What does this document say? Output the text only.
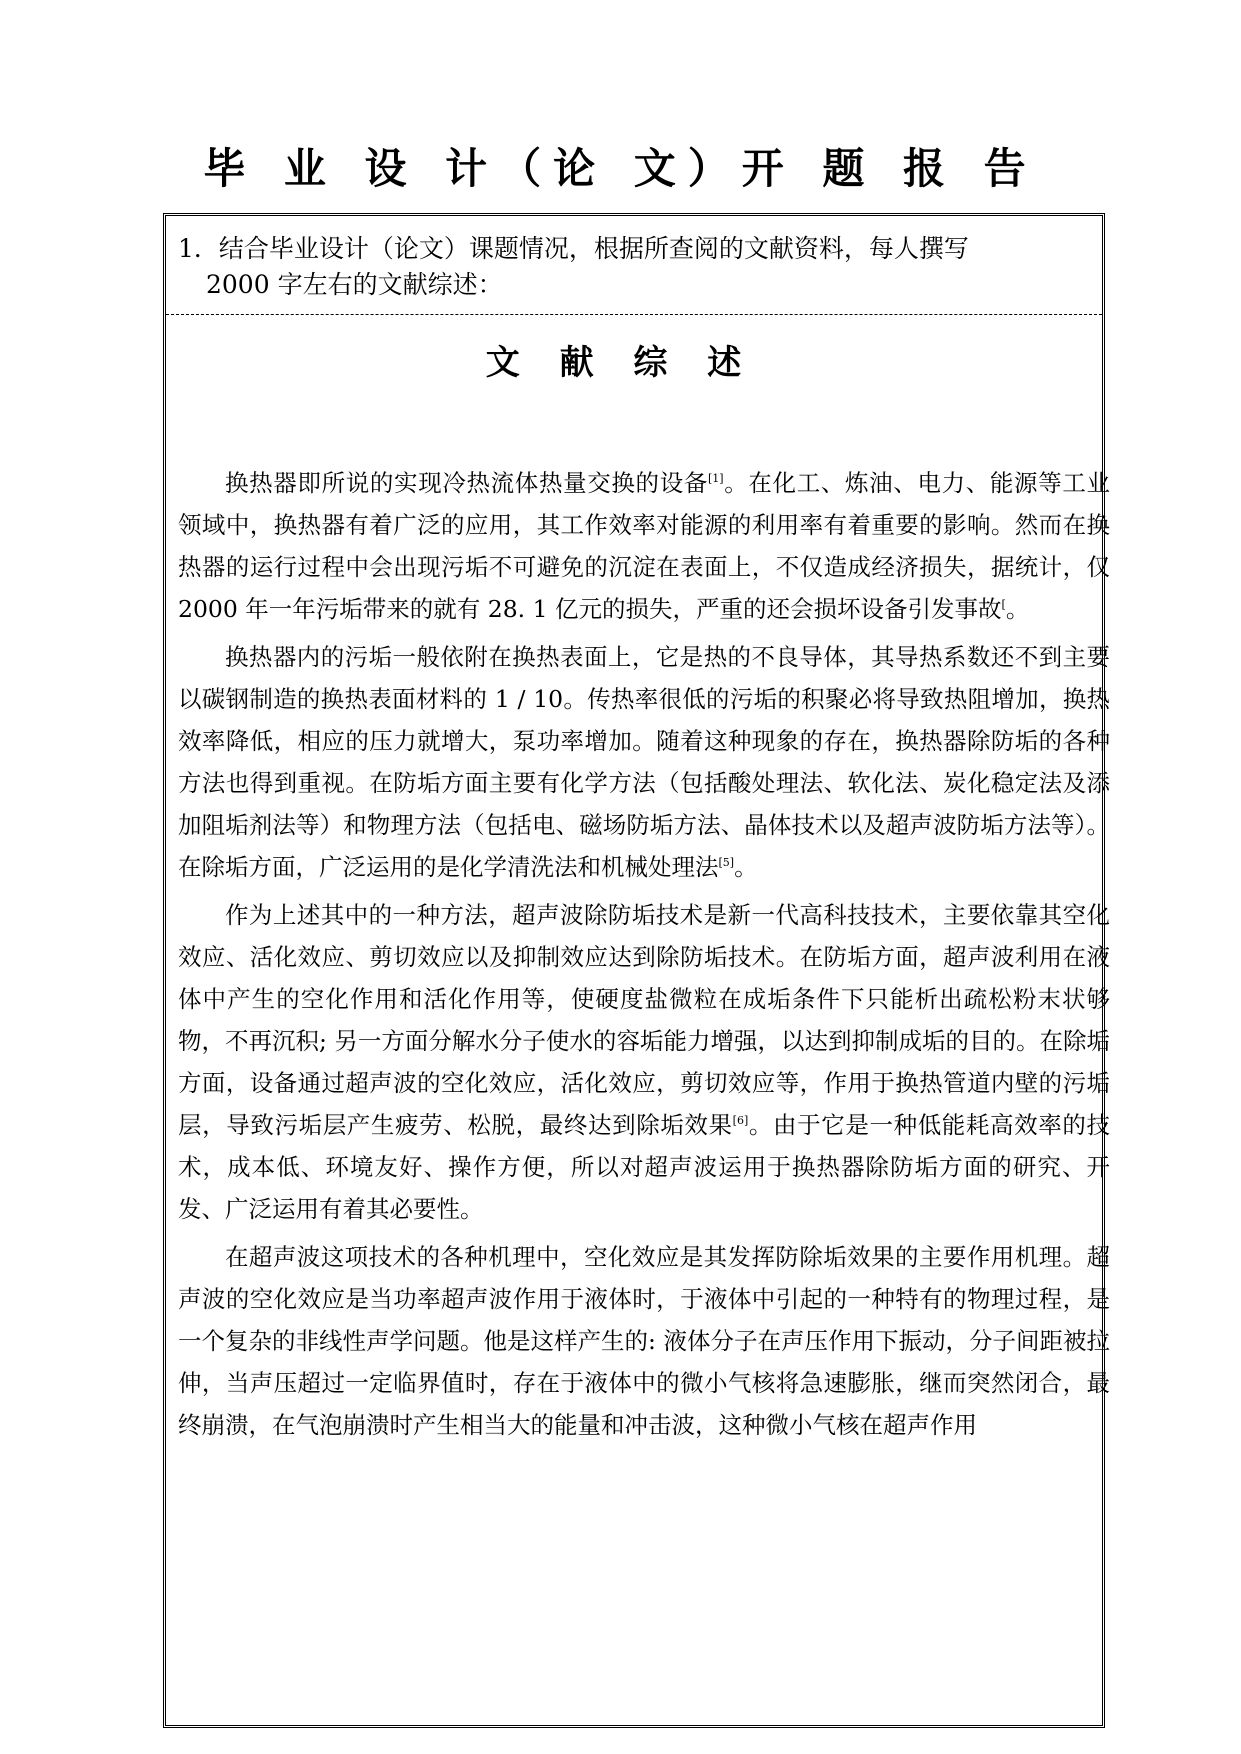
毕 业 设 计（论 文）开 题 报 告
1．结合毕业设计（论文）课题情况，根据所查阅的文献资料，每人撰写
2000 字左右的文献综述：
文 献 综 述

换热器即所说的实现冷热流体热量交换的设备[1]。在化工、炼油、电力、能源等工业领域中，换热器有着广泛的应用，其工作效率对能源的利用率有着重要的影响。然而在换热器的运行过程中会出现污垢不可避免的沉淀在表面上，不仅造成经济损失，据统计，仅 2000 年一年污垢带来的就有 28. 1 亿元的损失，严重的还会损坏设备引发事故[。

换热器内的污垢一般依附在换热表面上，它是热的不良导体，其导热系数还不到主要以碳钢制造的换热表面材料的 1 / 10。传热率很低的污垢的积聚必将导致热阻增加，换热效率降低，相应的压力就增大，泵功率增加。随着这种现象的存在，换热器除防垢的各种方法也得到重视。在防垢方面主要有化学方法（包括酸处理法、软化法、炭化稳定法及添加阻垢剂法等）和物理方法（包括电、磁场防垢方法、晶体技术以及超声波防垢方法等）。在除垢方面，广泛运用的是化学清洗法和机械处理法[5]。

作为上述其中的一种方法，超声波除防垢技术是新一代高科技技术，主要依靠其空化效应、活化效应、剪切效应以及抑制效应达到除防垢技术。在防垢方面，超声波利用在液体中产生的空化作用和活化作用等，使硬度盐微粒在成垢条件下只能析出疏松粉末状够物，不再沉积; 另一方面分解水分子使水的容垢能力增强，以达到抑制成垢的目的。在除垢方面，设备通过超声波的空化效应，活化效应，剪切效应等，作用于换热管道内壁的污垢层，导致污垢层产生疲劳、松脱，最终达到除垢效果[6]。由于它是一种低能耗高效率的技术，成本低、环境友好、操作方便，所以对超声波运用于换热器除防垢方面的研究、开发、广泛运用有着其必要性。

在超声波这项技术的各种机理中，空化效应是其发挥防除垢效果的主要作用机理。超声波的空化效应是当功率超声波作用于液体时，于液体中引起的一种特有的物理过程，是一个复杂的非线性声学问题。他是这样产生的: 液体分子在声压作用下振动，分子间距被拉伸，当声压超过一定临界值时，存在于液体中的微小气核将急速膨胀，继而突然闭合，最终崩溃，在气泡崩溃时产生相当大的能量和冲击波，这种微小气核在超声作用
